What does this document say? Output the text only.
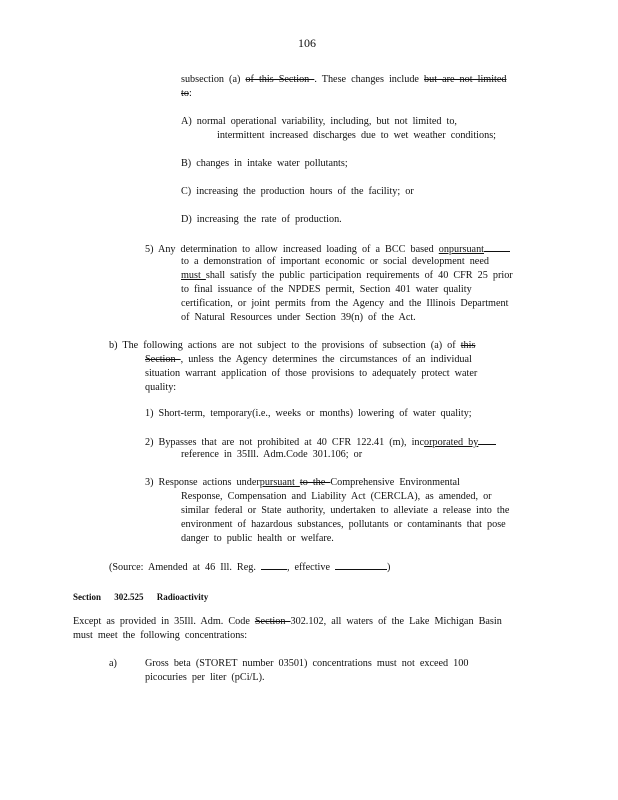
106
subsection (a) of this Section . These changes include but are not limited
to:
A) normal operational variability, including, but not limited to,
intermittent increased discharges due to wet weather conditions;
B) changes in intake water pollutants;
C) increasing the production hours of the facility; or
D) increasing the rate of production.
5) Any determination to allow increased loading of a BCC based onpursuant
to a demonstration of important economic or social development need
must shall satisfy the public participation requirements of 40 CFR 25 prior
to final issuance of the NPDES permit, Section 401 water quality
certification, or joint permits from the Agency and the Illinois Department
of Natural Resources under Section 39(n) of the Act.
b) The following actions are not subject to the provisions of subsection (a) of this
Section , unless the Agency determines the circumstances of an individual
situation warrant application of those provisions to adequately protect water
quality:
1) Short-term, temporary(i.e., weeks or months) lowering of water quality;
2) Bypasses that are not prohibited at 40 CFR 122.41 (m), incorporated by
reference in 35Ill. Adm.Code 301.106; or
3) Response actions underpursuant to the Comprehensive Environmental
Response, Compensation and Liability Act (CERCLA), as amended, or
similar federal or State authority, undertaken to alleviate a release into the
environment of hazardous substances, pollutants or contaminants that pose
danger to public health or welfare.
(Source: Amended at 46 Ill. Reg.	, effective	)
Section 302.525 Radioactivity
Except as provided in 35Ill. Adm. Code Section 302.102, all waters of the Lake Michigan Basin
must meet the following concentrations:
a)	Gross beta (STORET number 03501) concentrations must not exceed 100
picocuries per liter (pCi/L).
